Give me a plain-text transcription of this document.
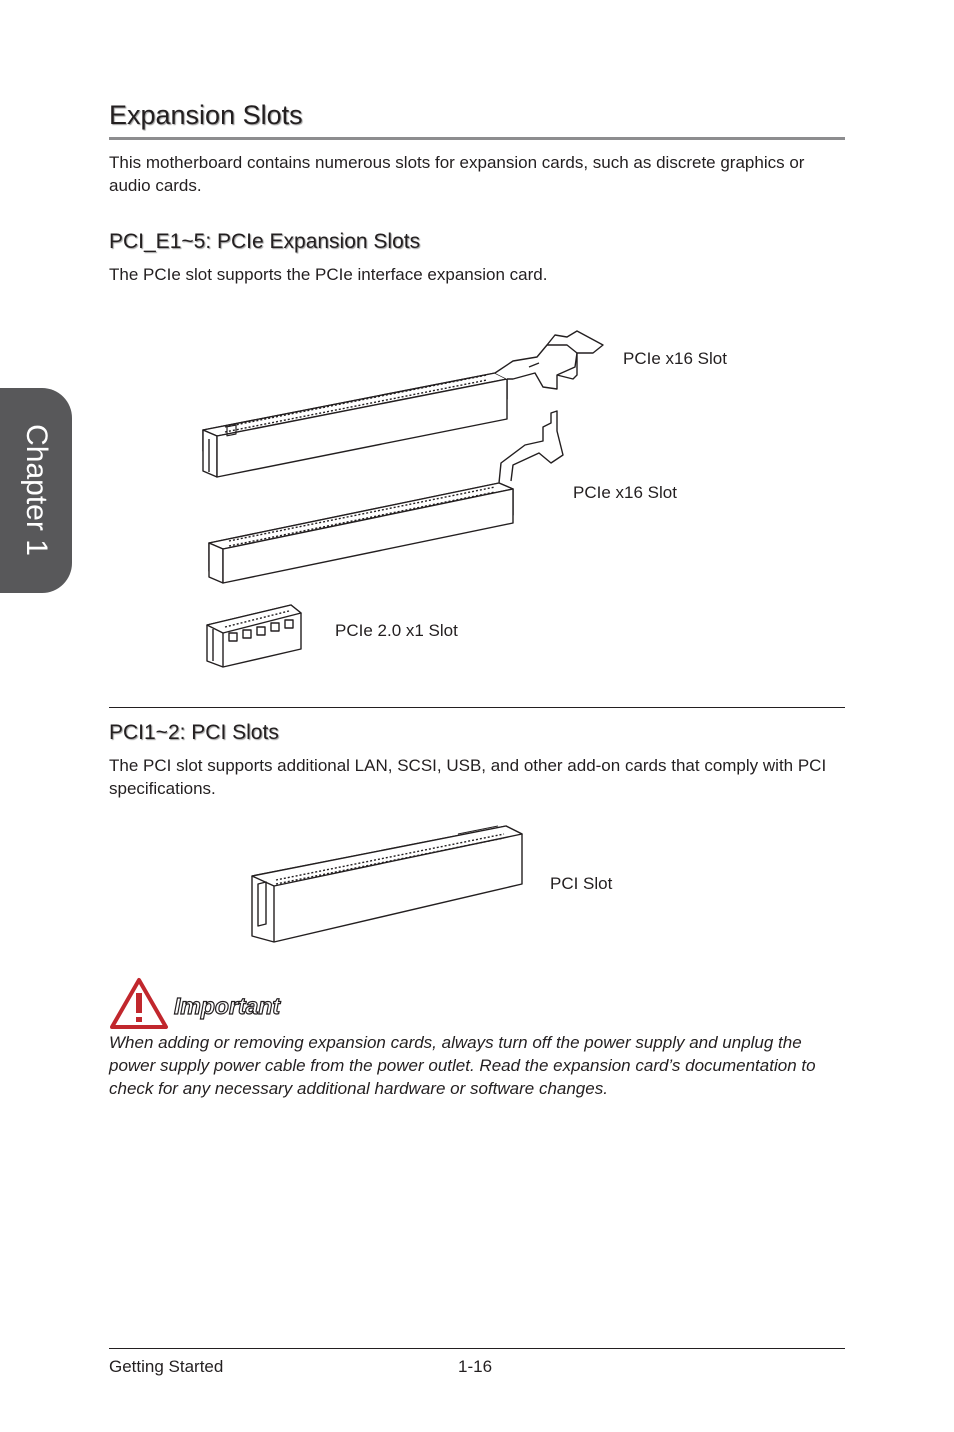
Chapter 1
Expansion Slots
This motherboard contains numerous slots for expansion cards, such as discrete graphics or audio cards.
PCI_E1~5: PCIe Expansion Slots
The PCIe slot supports the PCIe interface expansion card.
PCIe x16 Slot
PCIe x16 Slot
PCIe 2.0 x1 Slot
PCI1~2: PCI Slots
The PCI slot supports additional LAN, SCSI, USB, and other add-on cards that comply with PCI specifications.
PCI Slot
Important
When adding or removing expansion cards, always turn off the power supply and unplug the power supply power cable from the power outlet. Read the expansion card’s documentation to check for any necessary additional hardware or software changes.
Getting Started	1-16
